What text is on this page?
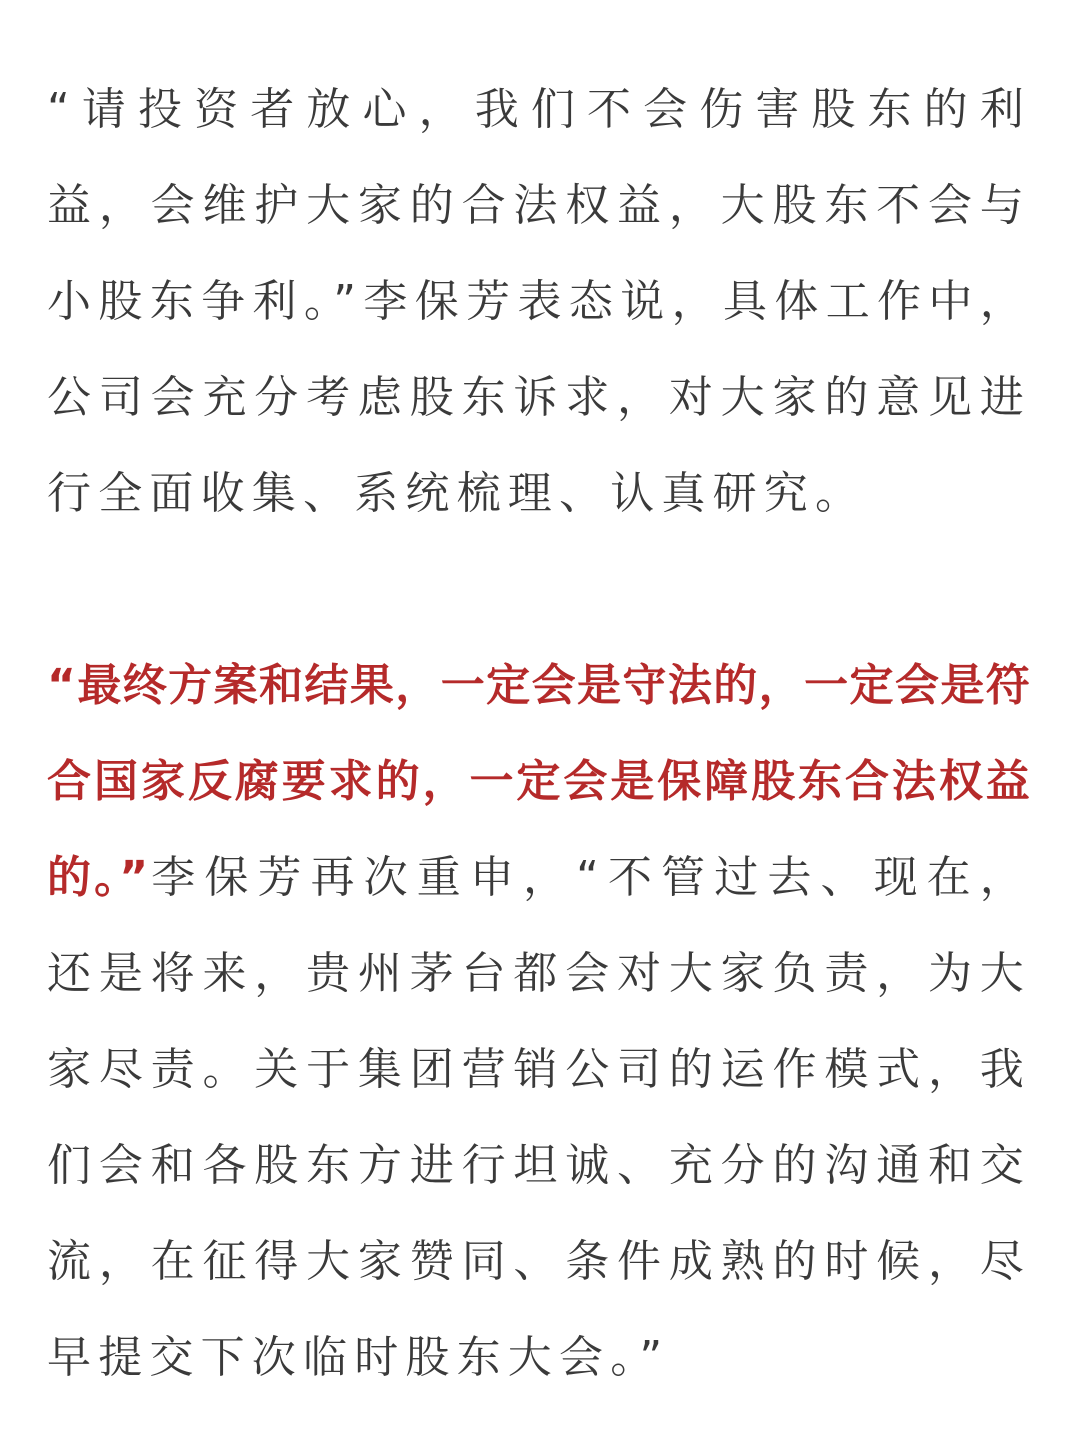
“请投资者放心，我们不会伤害股东的利益，会维护大家的合法权益，大股东不会与小股东争利。”李保芳表态说，具体工作中，公司会充分考虑股东诉求，对大家的意见进行全面收集、系统梳理、认真研究。

“最终方案和结果，一定会是守法的，一定会是符合国家反腐要求的，一定会是保障股东合法权益的。”李保芳再次重申，“不管过去、现在，还是将来，贵州茅台都会对大家负责，为大家尽责。关于集团营销公司的运作模式，我们会和各股东方进行坦诚、充分的沟通和交流，在征得大家赞同、条件成熟的时候，尽早提交下次临时股东大会。”
